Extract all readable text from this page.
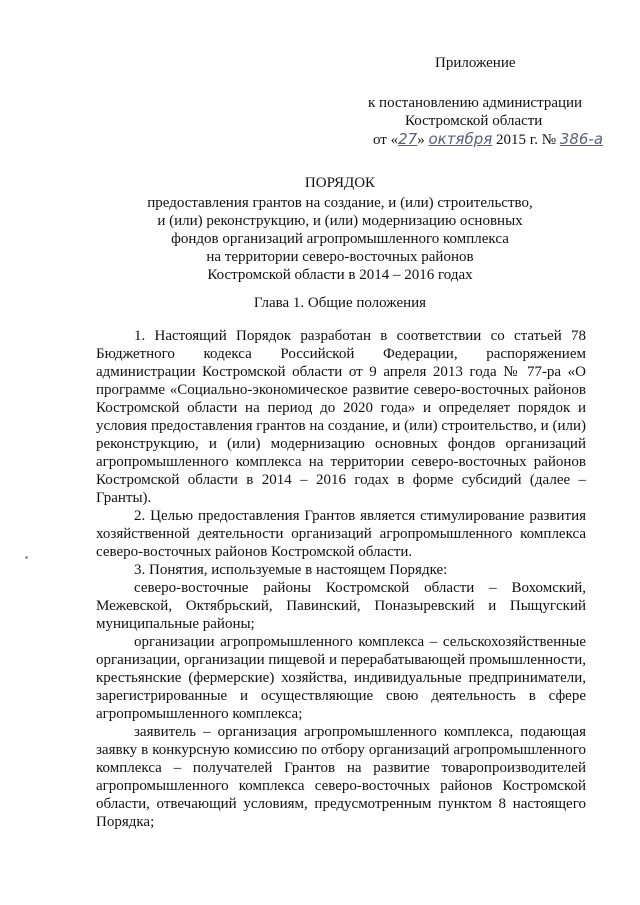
Приложение
к постановлению администрации
Костромской области
от «27» октября 2015 г. № 386-а
ПОРЯДОК
предоставления грантов на создание, и (или) строительство,
и (или) реконструкцию, и (или) модернизацию основных
фондов организаций агропромышленного комплекса
на территории северо-восточных районов
Костромской области в 2014 – 2016 годах
Глава 1. Общие положения

1. Настоящий Порядок разработан в соответствии со статьей 78 Бюджетного кодекса Российской Федерации, распоряжением администрации Костромской области от 9 апреля 2013 года № 77-ра «О программе «Социально-экономическое развитие северо-восточных районов Костромской области на период до 2020 года» и определяет порядок и условия предоставления грантов на создание, и (или) строительство, и (или) реконструкцию, и (или) модернизацию основных фондов организаций агропромышленного комплекса на территории северо-восточных районов Костромской области в 2014 – 2016 годах в форме субсидий (далее – Гранты).

2. Целью предоставления Грантов является стимулирование развития хозяйственной деятельности организаций агропромышленного комплекса северо-восточных районов Костромской области.

3. Понятия, используемые в настоящем Порядке:

северо-восточные районы Костромской области – Вохомский, Межевской, Октябрьский, Павинский, Поназыревский и Пыщугский муниципальные районы;

организации агропромышленного комплекса – сельскохозяйственные организации, организации пищевой и перерабатывающей промышленности, крестьянские (фермерские) хозяйства, индивидуальные предприниматели, зарегистрированные и осуществляющие свою деятельность в сфере агропромышленного комплекса;

заявитель – организация агропромышленного комплекса, подающая заявку в конкурсную комиссию по отбору организаций агропромышленного комплекса – получателей Грантов на развитие товаропроизводителей агропромышленного комплекса северо-восточных районов Костромской области, отвечающий условиям, предусмотренным пунктом 8 настоящего Порядка;
